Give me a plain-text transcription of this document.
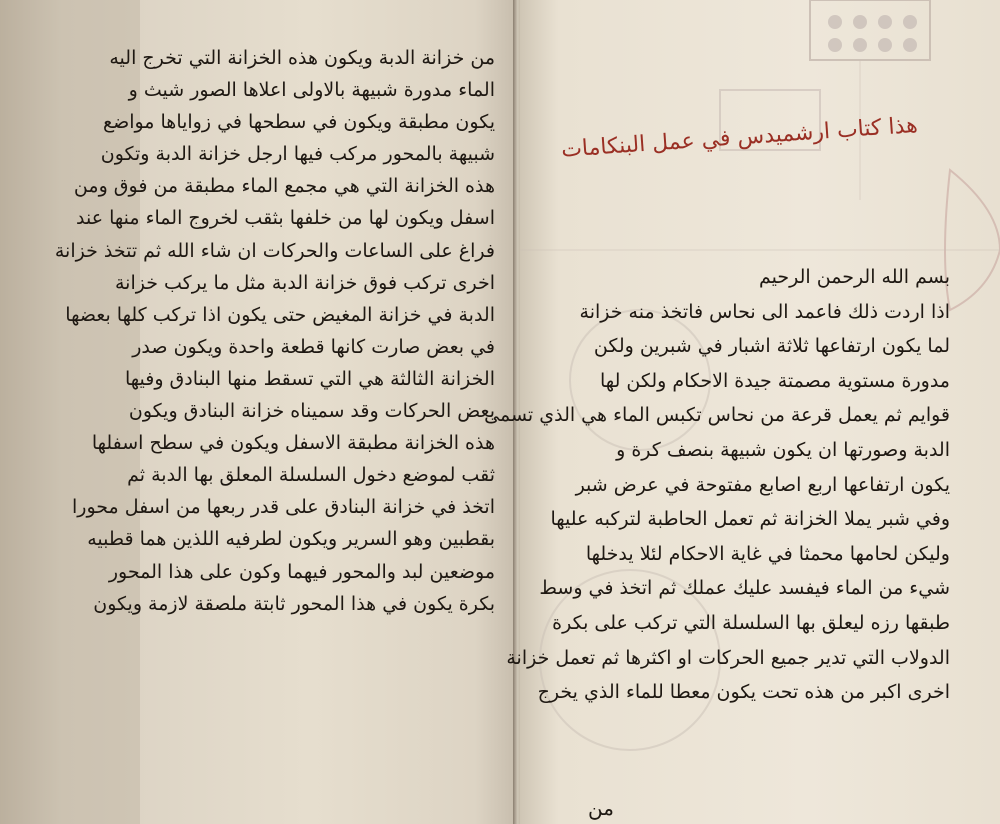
من خزانة الدبة ويكون هذه الخزانة التي تخرج اليه
الماء مدورة شبيهة بالاولى اعلاها الصور شيث و
يكون مطبقة ويكون في سطحها في زواياها مواضع
شبيهة بالمحور مركب فيها ارجل خزانة الدبة وتكون
هذه الخزانة التي هي مجمع الماء مطبقة من فوق ومن
اسفل ويكون لها من خلفها بثقب لخروج الماء منها عند
فراغ على الساعات والحركات ان شاء الله ثم تتخذ خزانة
اخرى تركب فوق خزانة الدبة مثل ما يركب خزانة
الدبة في خزانة المغيض حتى يكون اذا تركب كلها بعضها
في بعض صارت كانها قطعة واحدة ويكون صدر
الخزانة الثالثة هي التي تسقط منها البنادق وفيها
بعض الحركات وقد سميناه خزانة البنادق ويكون
هذه الخزانة مطبقة الاسفل ويكون في سطح اسفلها
ثقب لموضع دخول السلسلة المعلق بها الدبة ثم
اتخذ في خزانة البنادق على قدر ربعها من اسفل محورا
بقطبين وهو السرير ويكون لطرفيه اللذين هما قطبيه
موضعين لبد والمحور فيهما وكون على هذا المحور
بكرة يكون في هذا المحور ثابتة ملصقة لازمة ويكون
هذا كتاب ارشميدس في عمل البنكامات
بسم الله الرحمن الرحيم
اذا اردت ذلك فاعمد الى نحاس فاتخذ منه خزانة
لما يكون ارتفاعها ثلاثة اشبار في شبرين ولكن
مدورة مستوية مصمتة جيدة الاحكام ولكن لها
قوايم ثم يعمل قرعة من نحاس تكبس الماء هي الذي تسمى
الدبة وصورتها ان يكون شبيهة بنصف كرة و
يكون ارتفاعها اربع اصابع مفتوحة في عرض شبر
وفي شبر يملا الخزانة ثم تعمل الحاطبة لتركبه عليها
وليكن لحامها محمثا في غاية الاحكام لئلا يدخلها
شيء من الماء فيفسد عليك عملك ثم اتخذ في وسط
طبقها رزه ليعلق بها السلسلة التي تركب على بكرة
الدولاب التي تدير جميع الحركات او اكثرها ثم تعمل خزانة
اخرى اكبر من هذه تحت يكون معطا للماء الذي يخرج
من
